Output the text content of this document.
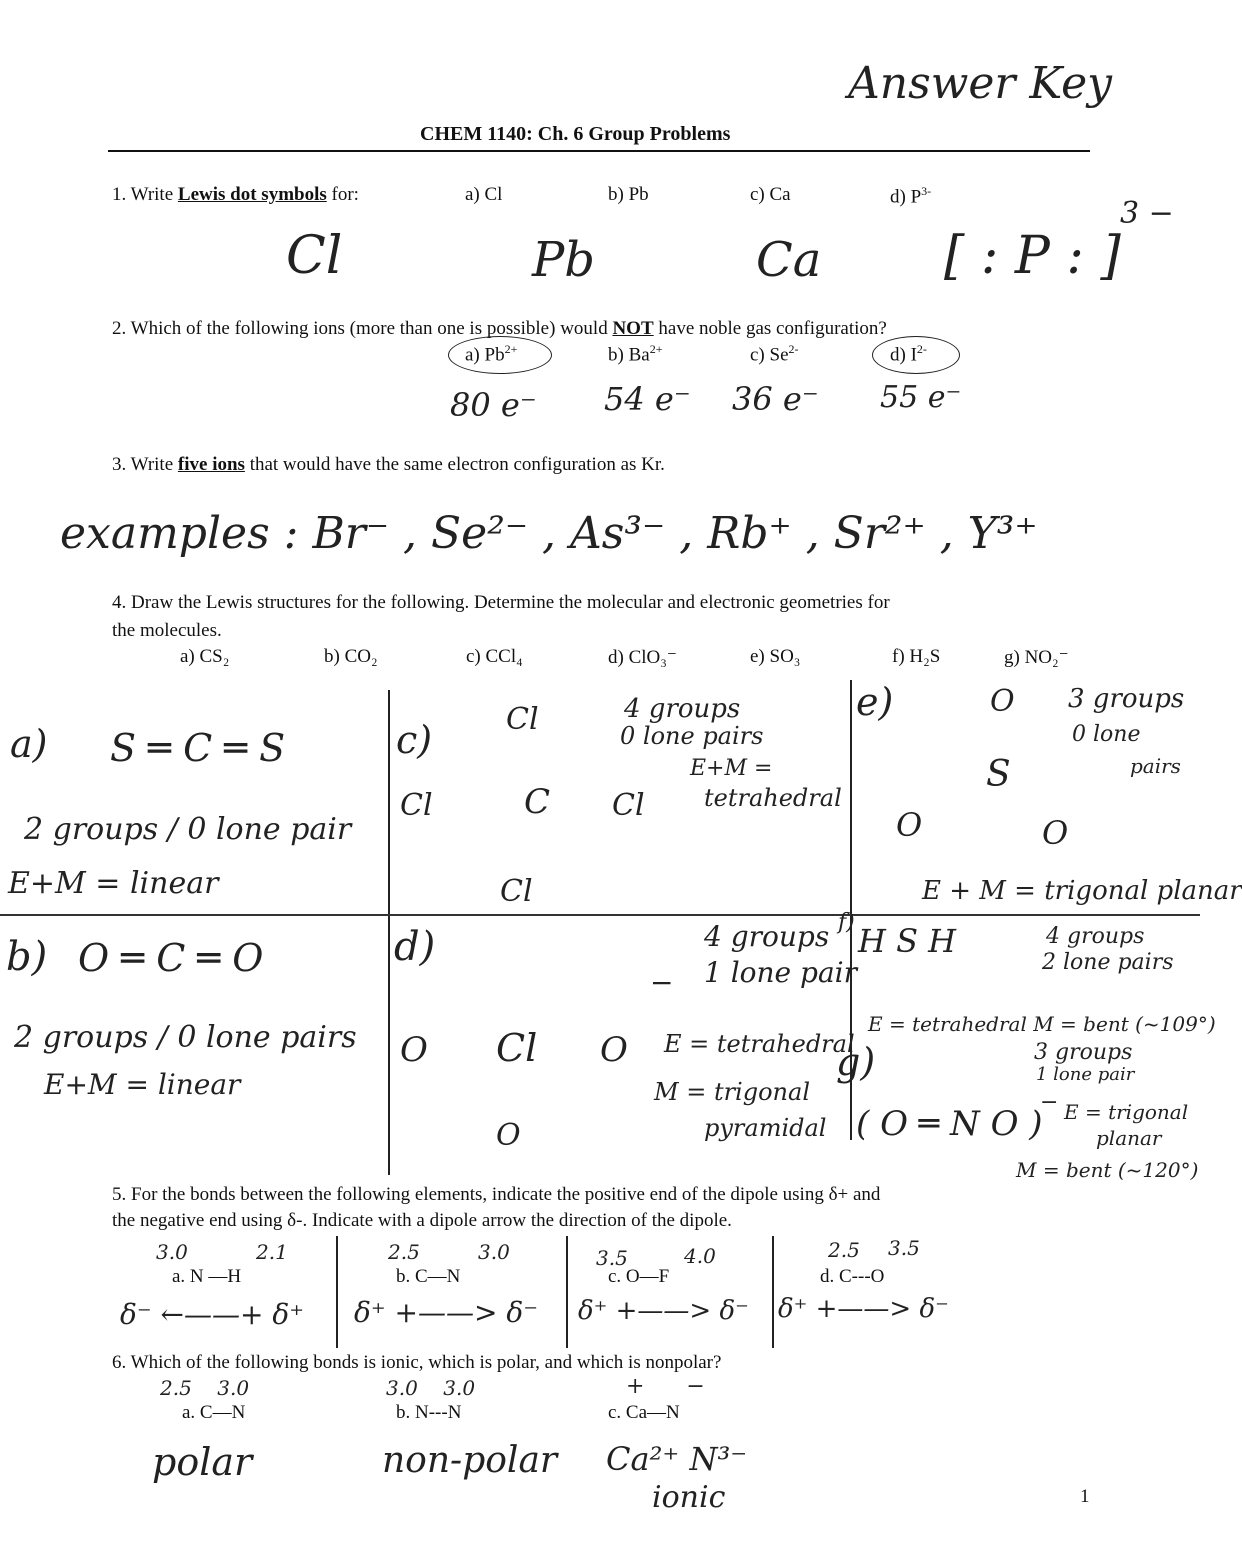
Answer Key
CHEM 1140: Ch. 6 Group Problems
1. Write Lewis dot symbols for:	a) Cl	b) Pb	c) Ca	d) $P^{3-}$
Cl	Pb	Ca [ : P : ]
3 −
2. Which of the following ions (more than one is possible) would NOT have noble gas configuration?
a) $Pb^{2+}$	b) $Ba^{2+}$	c) $Se^{2-}$	d) $I^{2-}$
80 e⁻ 54 e⁻ 36 e⁻ 55 e⁻
3. Write five ions that would have the same electron configuration as Kr.
examples : Br⁻ , Se²⁻ , As³⁻ , Rb⁺ , Sr²⁺ , Y³⁺
4. Draw the Lewis structures for the following. Determine the molecular and electronic geometries for
the molecules.
a) CS₂	b) CO₂	c) CCl₄	d) ClO₃⁻	e) SO₃	f) H₂S	g) NO₂⁻
a) S ═ C ═ S
2 groups / 0 lone pair
E+M = linear
b) O ═ C ═ O
2 groups / 0 lone pairs
E+M = linear
c) Cl
Cl	C Cl
Cl
4 groups
0 lone pairs
E+M =
tetrahedral
d)
Cl
O	O
O
−
4 groups
1 lone pair
E = tetrahedral
M = trigonal
pyramidal
e)	O
S
O	O
3 groups
0 lone
pairs
E + M = trigonal planar
f) H S H	4 groups
2 lone pairs
E = tetrahedral M = bent (~109°)
g)	3 groups
1 lone pair
( O ═ N O )
− E = trigonal
planar
M = bent (~120°)
5. For the bonds between the following elements, indicate the positive end of the dipole using δ+ and
the negative end using δ-. Indicate with a dipole arrow the direction of the dipole.
3.0	2.1
a. N —H
δ⁻ ←——+ δ⁺
2.5	3.0
b. C—N
δ⁺ +——> δ⁻
3.5	4.0
c. O—F
δ⁺ +——> δ⁻
2.5 3.5
d. C---O
δ⁺ +——> δ⁻
6. Which of the following bonds is ionic, which is polar, and which is nonpolar?
2.5    3.0
a. C—N
polar
3.0    3.0
b. N---N
non-polar
+      −
c. Ca—N
Ca²⁺ N³⁻
ionic	1
